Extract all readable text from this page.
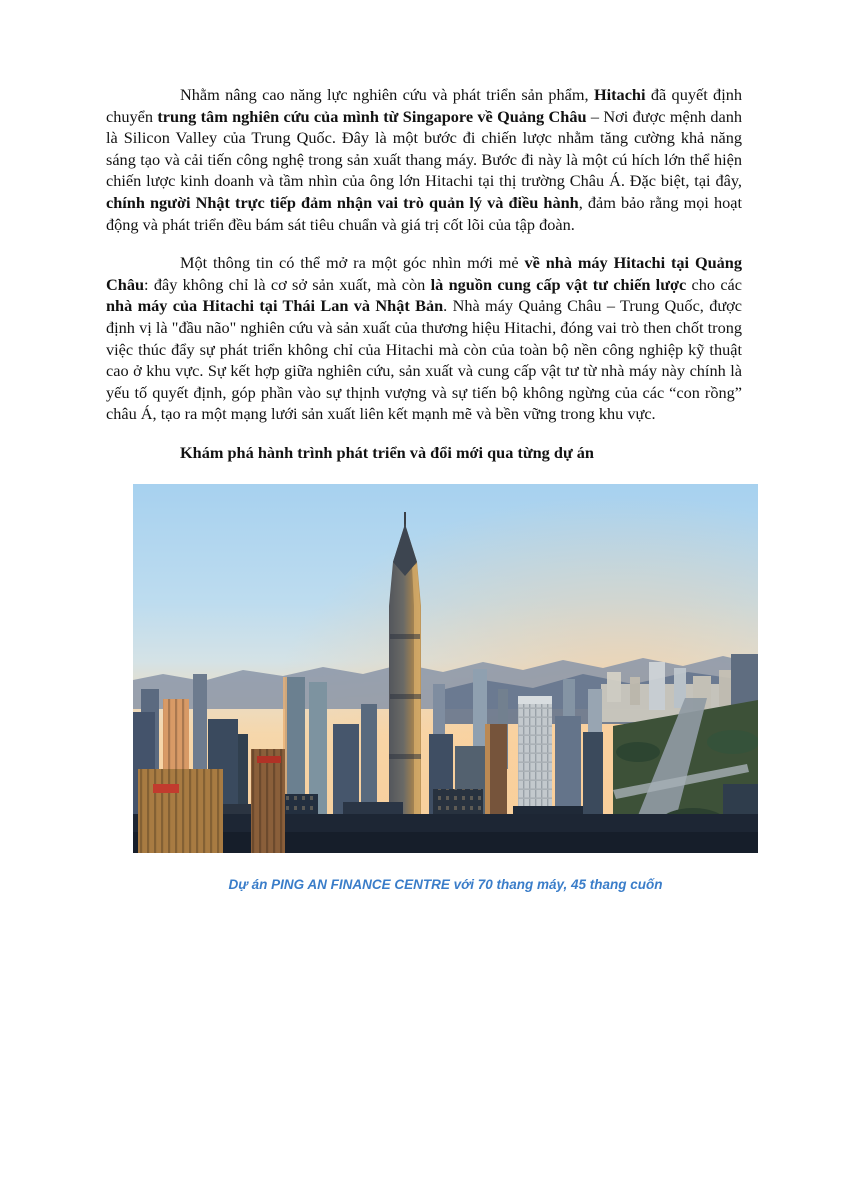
Nhằm nâng cao năng lực nghiên cứu và phát triển sản phẩm, Hitachi đã quyết định chuyển trung tâm nghiên cứu của mình từ Singapore về Quảng Châu – Nơi được mệnh danh là Silicon Valley của Trung Quốc. Đây là một bước đi chiến lược nhằm tăng cường khả năng sáng tạo và cải tiến công nghệ trong sản xuất thang máy. Bước đi này là một cú hích lớn thể hiện chiến lược kinh doanh và tầm nhìn của ông lớn Hitachi tại thị trường Châu Á. Đặc biệt, tại đây, chính người Nhật trực tiếp đảm nhận vai trò quản lý và điều hành, đảm bảo rằng mọi hoạt động và phát triển đều bám sát tiêu chuẩn và giá trị cốt lõi của tập đoàn.

Một thông tin có thể mở ra một góc nhìn mới mẻ về nhà máy Hitachi tại Quảng Châu: đây không chỉ là cơ sở sản xuất, mà còn là nguồn cung cấp vật tư chiến lược cho các nhà máy của Hitachi tại Thái Lan và Nhật Bản. Nhà máy Quảng Châu – Trung Quốc, được định vị là "đầu não" nghiên cứu và sản xuất của thương hiệu Hitachi, đóng vai trò then chốt trong việc thúc đẩy sự phát triển không chỉ của Hitachi mà còn của toàn bộ nền công nghiệp kỹ thuật cao ở khu vực. Sự kết hợp giữa nghiên cứu, sản xuất và cung cấp vật tư từ nhà máy này chính là yếu tố quyết định, góp phần vào sự thịnh vượng và sự tiến bộ không ngừng của các “con rồng” châu Á, tạo ra một mạng lưới sản xuất liên kết mạnh mẽ và bền vững trong khu vực.

Khám phá hành trình phát triển và đổi mới qua từng dự án

Dự án PING AN FINANCE CENTRE với 70 thang máy, 45 thang cuốn
